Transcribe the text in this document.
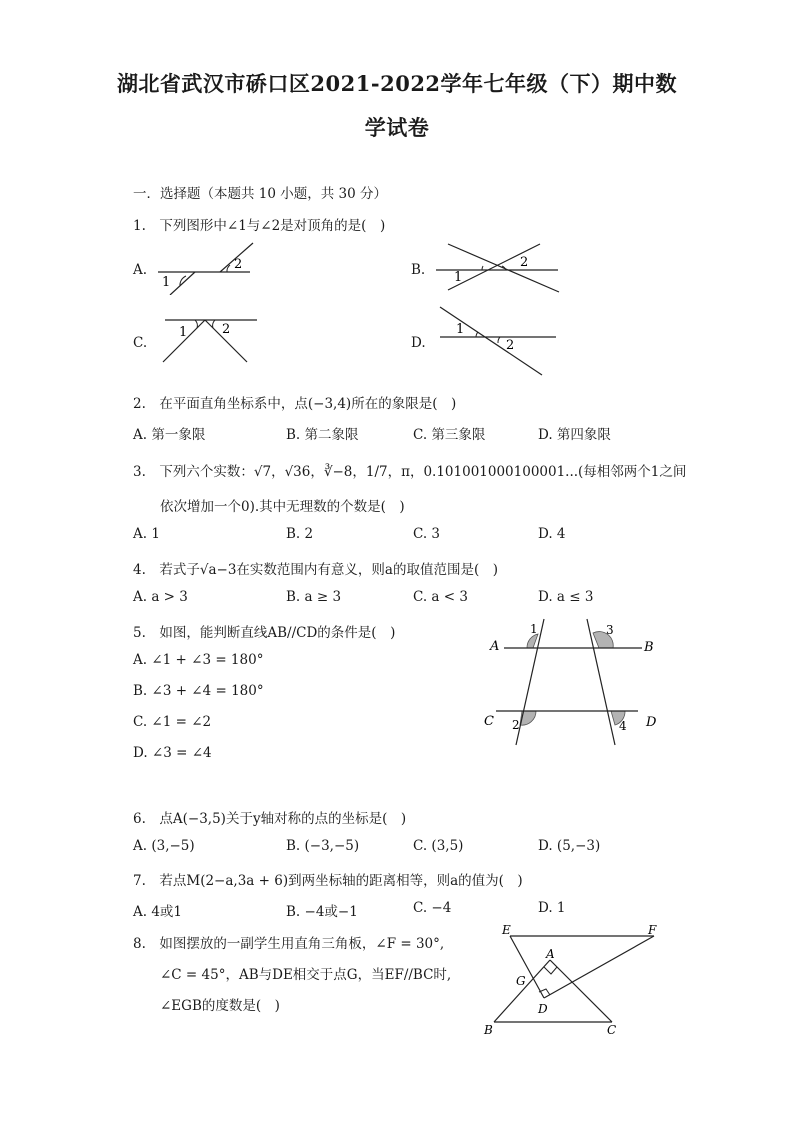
湖北省武汉市硚口区2021-2022学年七年级（下）期中数
学试卷
一．选择题（本题共 10 小题，共 30 分）
1.　下列图形中∠1与∠2是对顶角的是(　)
A.	B.
C.	D.
1
2
1
2
1	2	1
2
2.　在平面直角坐标系中，点(−3,4)所在的象限是(　)
A. 第一象限	B. 第二象限	C. 第三象限	D. 第四象限
3.　下列六个实数：√7，√36，∛−8，1/7，π，0.101001000100001...(每相邻两个1之间
依次增加一个0).其中无理数的个数是(　)
A. 1	B. 2	C. 3	D. 4
4.　若式子√a−3在实数范围内有意义，则a的取值范围是(　)
A. a > 3	B. a ≥ 3	C. a < 3	D. a ≤ 3
5.　如图，能判断直线AB//CD的条件是(　)
A. ∠1 + ∠3 = 180°
B. ∠3 + ∠4 = 180°
C. ∠1 = ∠2
D. ∠3 = ∠4
A	B
C	D
1	3
2	4
6.　点A(−3,5)关于y轴对称的点的坐标是(　)
A. (3,−5)	B. (−3,−5)	C. (3,5)	D. (5,−3)
7.　若点M(2−a,3a + 6)到两坐标轴的距离相等，则a的值为(　)
A. 4或1	B. −4或−1	C. −4	D. 1
8.　如图摆放的一副学生用直角三角板，∠F = 30°,
∠C = 45°，AB与DE相交于点G，当EF//BC时,
∠EGB的度数是(　)
E	F
A
G
D
B	C
